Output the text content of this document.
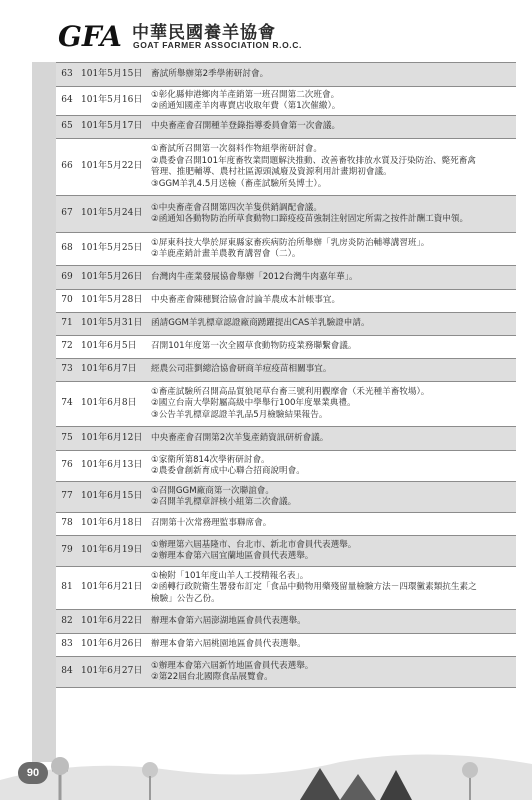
GFA 中華民國養羊協會
GOAT FARMER ASSOCIATION R.O.C.
63	101年5月15日	畜試所舉辦第2季學術研討會。

64	101年5月16日	①彰化縣伸港鄉肉羊產銷第一班召開第二次班會。
②函通知國產羊肉專賣店收取年費（第1次催繳）。

65	101年5月17日	中央畜產會召開種羊登錄指導委員會第一次會議。

66	101年5月22日	①畜試所召開第一次芻料作物組學術研討會。
②農委會召開101年度畜牧業問題解決推動、改善畜牧排放水質及汙染防治、斃死畜禽
管理、推肥輔導、農村社區源頭減廢及資源利用計畫期初會議。
③GGM羊乳4.5月送檢（畜產試驗所吳博士）。

67	101年5月24日	①中央畜產會召開第四次羊隻供銷調配會議。
②函通知各動物防治所草食動物口蹄疫疫苗強制注射固定所需之按件計酬工資申領。

68	101年5月25日	①屏東科技大學於屏東縣家畜疾病防治所舉辦「乳房炎防治輔導講習班」。
②羊鹿產銷計畫羊農教育講習會（二）。

69	101年5月26日	台灣肉牛產業發展協會舉辦「2012台灣牛肉嘉年華」。

70	101年5月28日	中央畜產會陳穗賢洽協會討論羊農成本計帳事宜。

71	101年5月31日	函請GGM羊乳標章認證廠商踴躍提出CAS羊乳驗證申請。

72	101年6月5日	召開101年度第一次全國草食動物防疫業務聯繫會議。

73	101年6月7日	經農公司莊劉總洽協會研商羊痘疫苗相關事宜。

74	101年6月8日	①畜產試驗所召開高品質狼尾草台畜三號利用觀摩會（禾光種羊畜牧場）。
②國立台南大學附屬高級中學舉行100年度畢業典禮。
③公告羊乳標章認證羊乳品5月檢驗結果報告。

75	101年6月12日	中央畜產會召開第2次羊隻產銷資訊研析會議。

76	101年6月13日	①家衛所第814次學術研討會。
②農委會創新育成中心聯合招商說明會。

77	101年6月15日	①召開GGM廠商第一次聯誼會。
②召開羊乳標章評核小組第二次會議。

78	101年6月18日	召開第十次常務理監事聯席會。

79	101年6月19日	①辦理第六屆基隆市、台北市、新北市會員代表選舉。
②辦理本會第六屆宜蘭地區會員代表選舉。

81	101年6月21日	①檢附「101年度山羊人工授精報名表」。
②函轉行政院衛生署發布訂定「食品中動物用藥殘留量檢驗方法－四環黴素類抗生素之
檢驗」公告乙份。

82	101年6月22日	辦理本會第六屆澎湖地區會員代表選舉。

83	101年6月26日	辦理本會第六屆桃園地區會員代表選舉。

84	101年6月27日	①辦理本會第六屆新竹地區會員代表選舉。
②第22屆台北國際食品展覽會。
90
